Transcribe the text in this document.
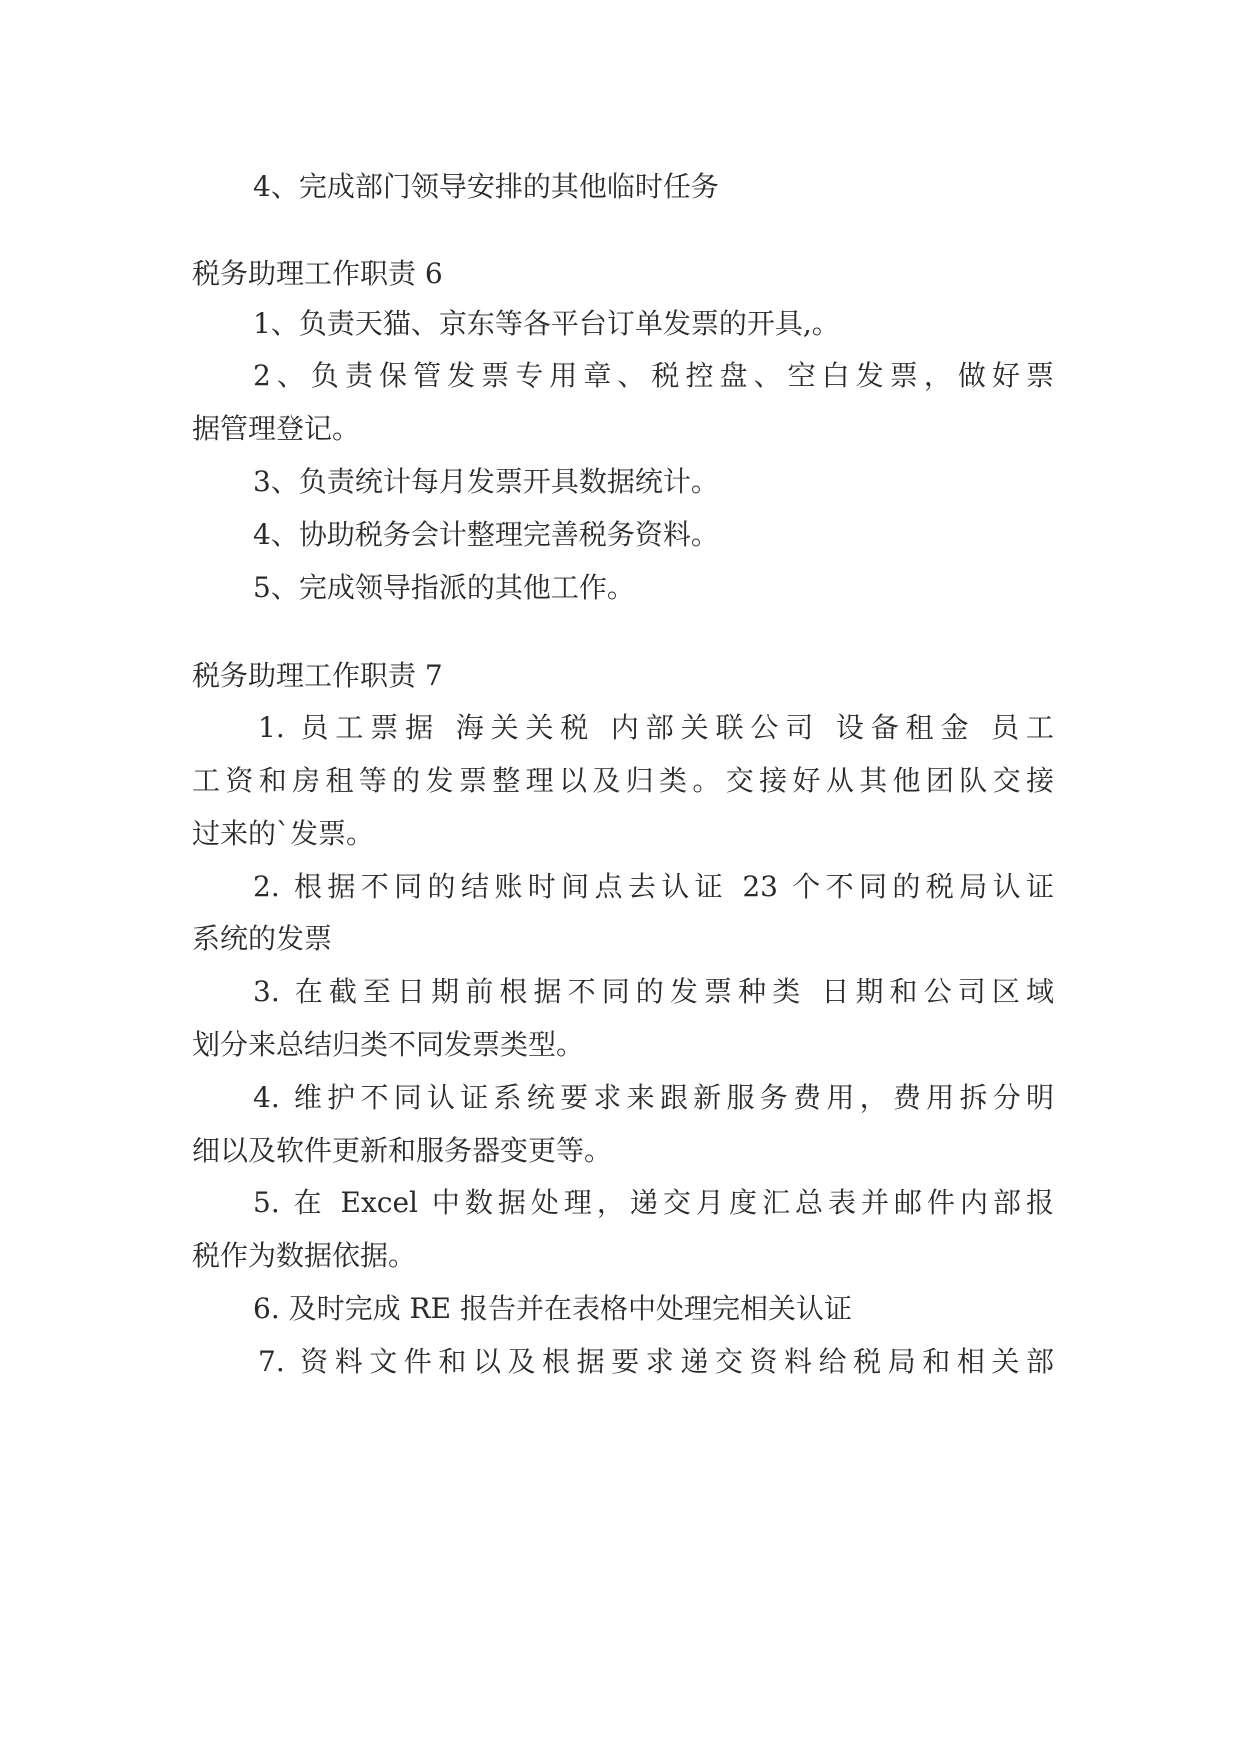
4、完成部门领导安排的其他临时任务
税务助理工作职责 6
1、负责天猫、京东等各平台订单发票的开具,。
2、负责保管发票专用章、税控盘、空白发票，做好票
据管理登记。
3、负责统计每月发票开具数据统计。
4、协助税务会计整理完善税务资料。
5、完成领导指派的其他工作。
税务助理工作职责 7
1. 员工票据 海关关税 内部关联公司 设备租金 员工
工资和房租等的发票整理以及归类。交接好从其他团队交接
过来的`发票。
2. 根据不同的结账时间点去认证 23 个不同的税局认证
系统的发票
3. 在截至日期前根据不同的发票种类 日期和公司区域
划分来总结归类不同发票类型。
4. 维护不同认证系统要求来跟新服务费用，费用拆分明
细以及软件更新和服务器变更等。
5. 在 Excel 中数据处理，递交月度汇总表并邮件内部报
税作为数据依据。
6. 及时完成 RE 报告并在表格中处理完相关认证
7. 资料文件和以及根据要求递交资料给税局和相关部
